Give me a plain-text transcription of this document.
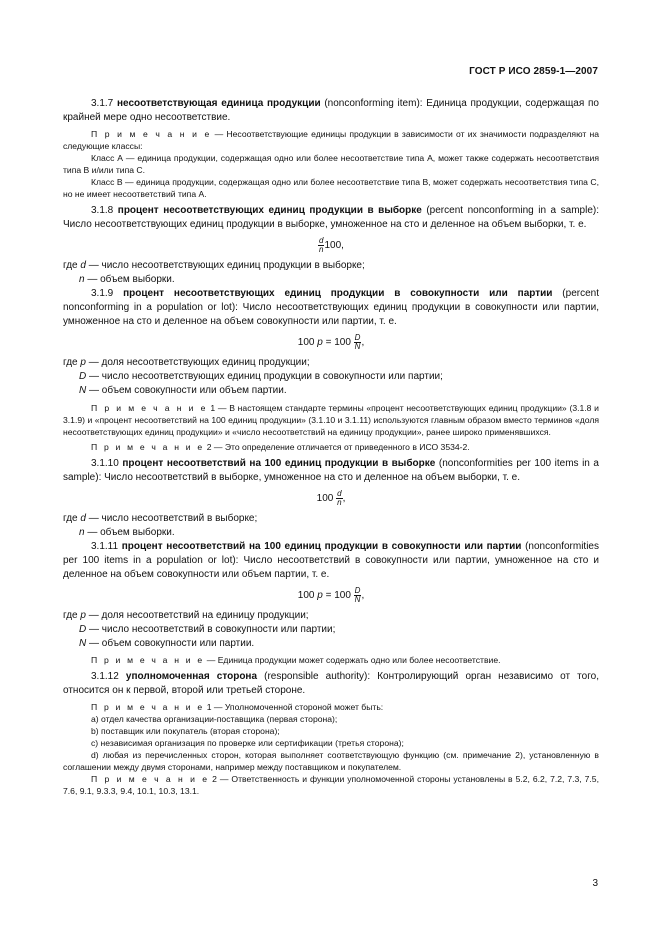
ГОСТ Р ИСО 2859-1—2007

3.1.7 несоответствующая единица продукции (nonconforming item): Единица продукции, содержащая по крайней мере одно несоответствие.

П р и м е ч а н и е — Несоответствующие единицы продукции в зависимости от их значимости подразделяют на следующие классы:

Класс А — единица продукции, содержащая одно или более несоответствие типа А, может также содержать несоответствия типа В и/или типа С.

Класс В — единица продукции, содержащая одно или более несоответствие типа В, может содержать несоответствия типа С, но не имеет несоответствий типа А.

3.1.8 процент несоответствующих единиц продукции в выборке (percent nonconforming in a sample): Число несоответствующих единиц продукции в выборке, умноженное на сто и деленное на объем выборки, т. е.

$\frac{d}{n} 100$,

где d — число несоответствующих единиц продукции в выборке;

n — объем выборки.

3.1.9 процент несоответствующих единиц продукции в совокупности или партии (percent nonconforming in a population or lot): Число несоответствующих единиц продукции в совокупности или партии, умноженное на сто и деленное на объем совокупности или партии, т. е.

100 $p = 100 \frac{D}{N}$ ,

где p — доля несоответствующих единиц продукции;

D — число несоответствующих единиц продукции в совокупности или партии;

N — объем совокупности или объем партии.

П р и м е ч а н и е 1 — В настоящем стандарте термины «процент несоответствующих единиц продукции» (3.1.8 и 3.1.9) и «процент несоответствий на 100 единиц продукции» (3.1.10 и 3.1.11) используются главным образом вместо терминов «доля несоответствующих единиц продукции» и «число несоответствий на единицу продукции», ранее широко применявшихся.

П р и м е ч а н и е 2 — Это определение отличается от приведенного в ИСО 3534-2.

3.1.10 процент несоответствий на 100 единиц продукции в выборке (nonconformities per 100 items in a sample): Число несоответствий в выборке, умноженное на сто и деленное на объем выборки, т. е.

$100 \frac{d}{n}$ ,

где d — число несоответствий в выборке;

n — объем выборки.

3.1.11 процент несоответствий на 100 единиц продукции в совокупности или партии (nonconformities per 100 items in a population or lot): Число несоответствий в совокупности или партии, умноженное на сто и деленное на объем совокупности или объем партии, т. е.

100 $p = 100 \frac{D}{N}$ ,

где p — доля несоответствий на единицу продукции;

D — число несоответствий в совокупности или партии;

N — объем совокупности или партии.

П р и м е ч а н и е — Единица продукции может содержать одно или более несоответствие.

3.1.12 уполномоченная сторона (responsible authority): Контролирующий орган независимо от того, относится он к первой, второй или третьей стороне.

П р и м е ч а н и е 1 — Уполномоченной стороной может быть:

a) отдел качества организации-поставщика (первая сторона);

b) поставщик или покупатель (вторая сторона);

c) независимая организация по проверке или сертификации (третья сторона);

d) любая из перечисленных сторон, которая выполняет соответствующую функцию (см. примечание 2), установленную в соглашении между двумя сторонами, например между поставщиком и покупателем.

П р и м е ч а н и е 2 — Ответственность и функции уполномоченной стороны установлены в 5.2, 6.2, 7.2, 7.3, 7.5, 7.6, 9.1, 9.3.3, 9.4, 10.1, 10.3, 13.1.

3
